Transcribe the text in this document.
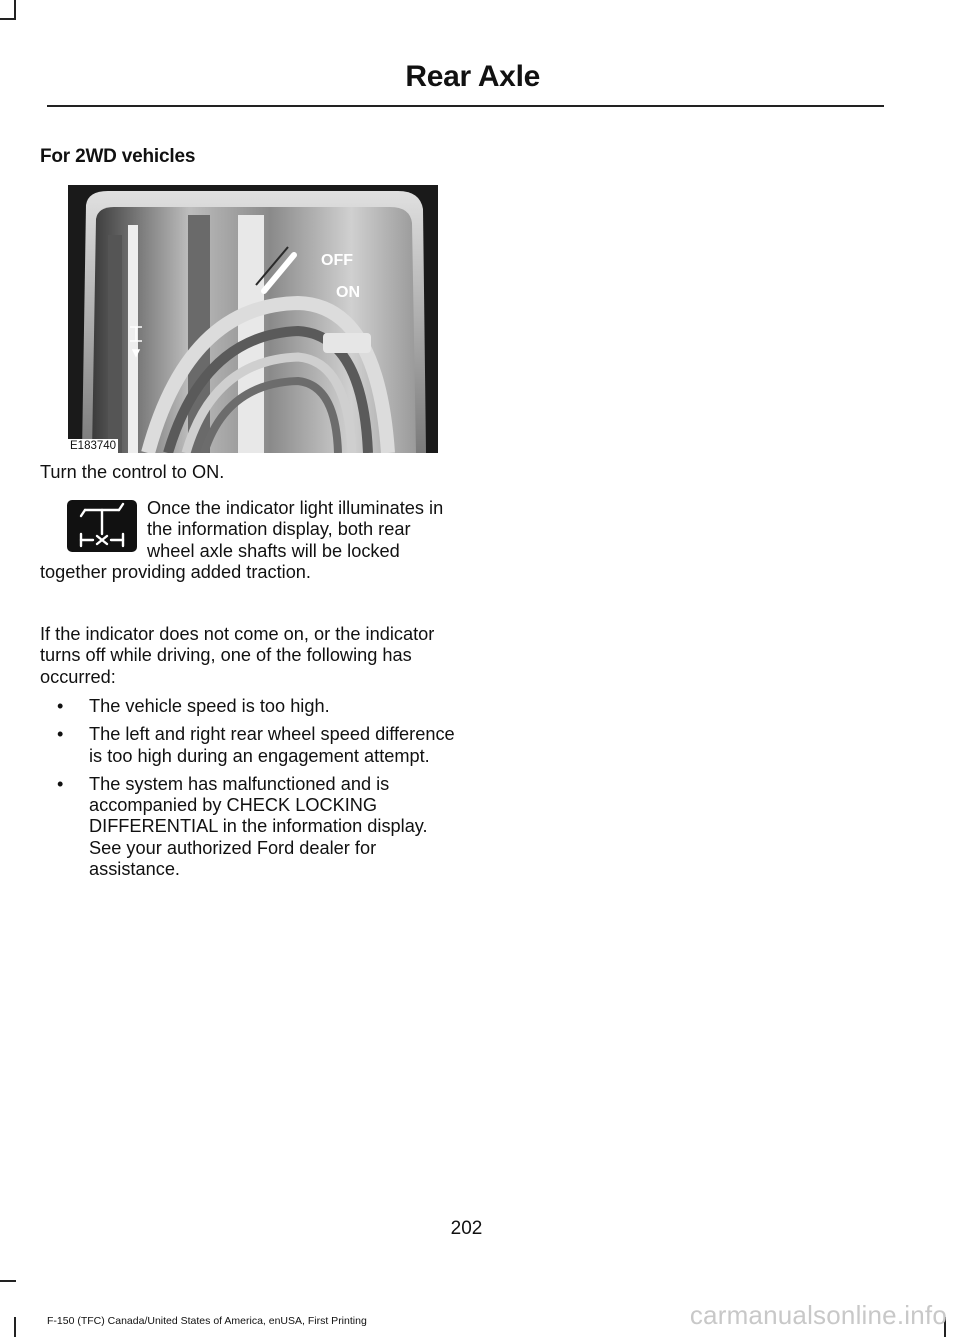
Rear Axle
For 2WD vehicles
OFF
ON
E183740

Turn the control to ON.

Once the indicator light illuminates in the information display, both rear wheel axle shafts will be locked together providing added traction.

If the indicator does not come on, or the indicator turns off while driving, one of the following has occurred:

• The vehicle speed is too high.
• The left and right rear wheel speed difference is too high during an engagement attempt.
• The system has malfunctioned and is accompanied by CHECK LOCKING DIFFERENTIAL in the information display. See your authorized Ford dealer for assistance.
202
F-150 (TFC) Canada/United States of America, enUSA, First Printing	carmanualsonline.info
